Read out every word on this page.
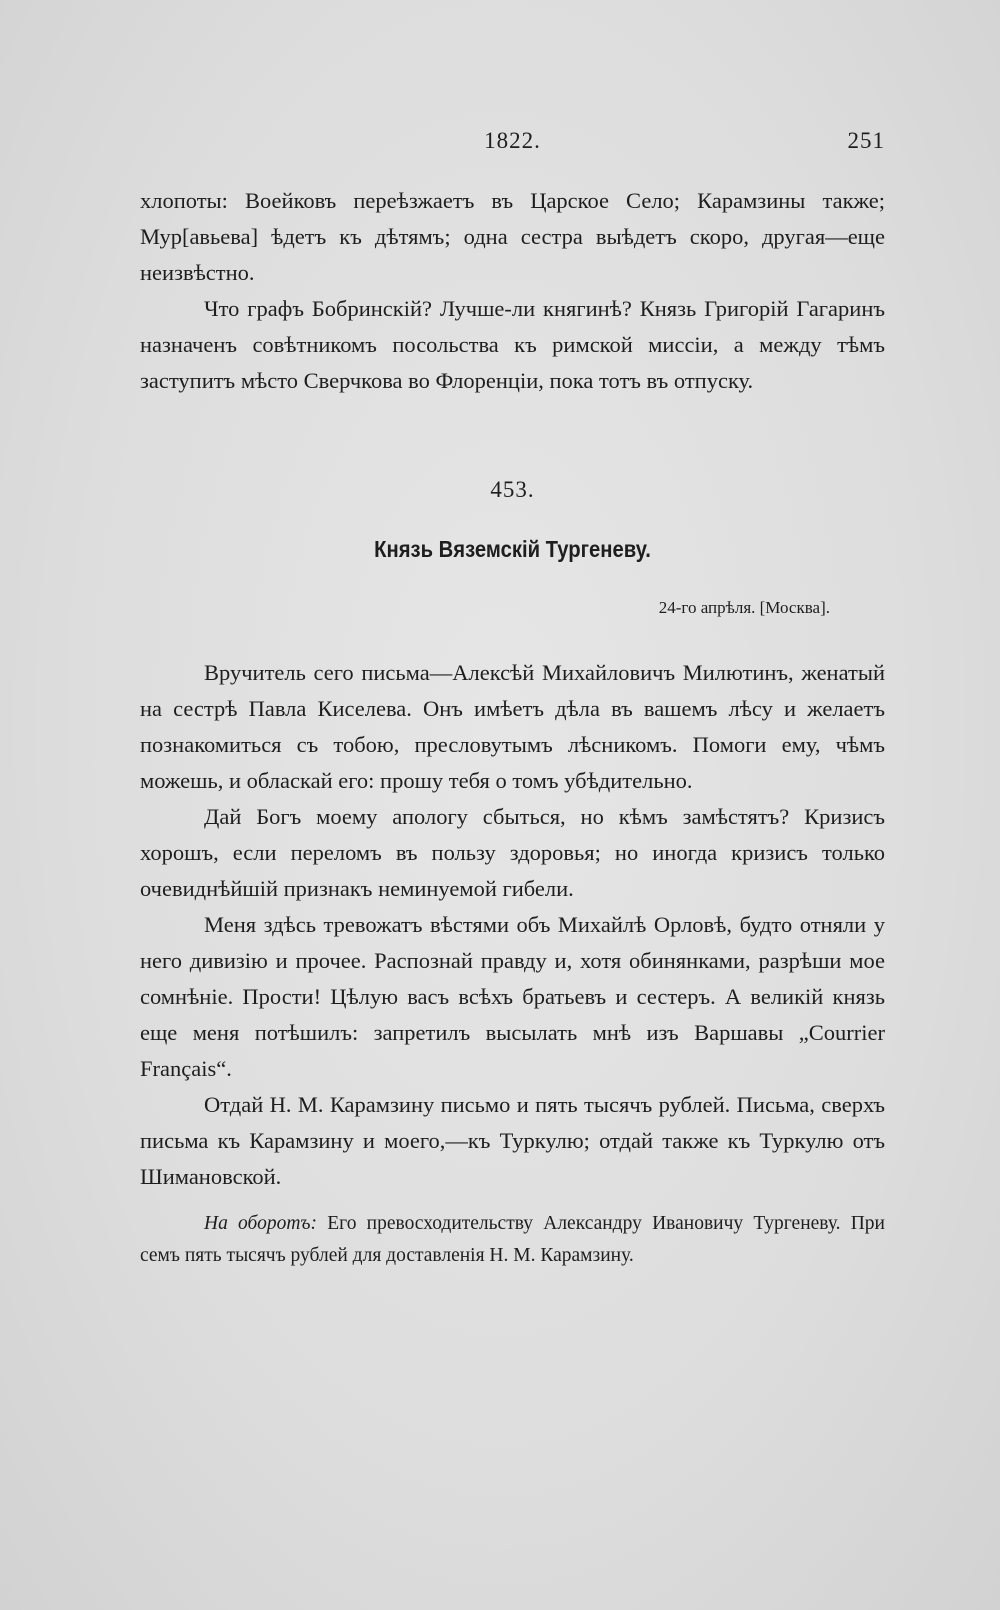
1822.	251

хлопоты: Воейковъ переѣзжаетъ въ Царское Село; Карамзины также; Мур[авьева] ѣдетъ къ дѣтямъ; одна сестра выѣдетъ скоро, другая—еще неизвѣстно.

Что графъ Бобринскій? Лучше-ли княгинѣ? Князь Григорій Гагаринъ назначенъ совѣтникомъ посольства къ римской миссіи, а между тѣмъ заступитъ мѣсто Сверчкова во Флоренціи, пока тотъ въ отпуску.

453.
Князь Вяземскій Тургеневу.
24-го апрѣля. [Москва].

Вручитель сего письма—Алексѣй Михайловичъ Милютинъ, женатый на сестрѣ Павла Киселева. Онъ имѣетъ дѣла въ вашемъ лѣсу и желаетъ познакомиться съ тобою, пресловутымъ лѣсникомъ. Помоги ему, чѣмъ можешь, и обласкай его: прошу тебя о томъ убѣдительно.

Дай Богъ моему апологу сбыться, но кѣмъ замѣстятъ? Кризисъ хорошъ, если переломъ въ пользу здоровья; но иногда кризисъ только очевиднѣйшій признакъ неминуемой гибели.

Меня здѣсь тревожатъ вѣстями объ Михайлѣ Орловѣ, будто отняли у него дивизію и прочее. Распознай правду и, хотя обинянками, разрѣши мое сомнѣніе. Прости! Цѣлую васъ всѣхъ братьевъ и сестеръ. А великій князь еще меня потѣшилъ: запретилъ высылать мнѣ изъ Варшавы „Courrier Français“.

Отдай Н. М. Карамзину письмо и пять тысячъ рублей. Письма, сверхъ письма къ Карамзину и моего,—къ Туркулю; отдай также къ Туркулю отъ Шимановской.

На оборотъ: Его превосходительству Александру Ивановичу Тургеневу. При семъ пять тысячъ рублей для доставленія Н. М. Карамзину.
